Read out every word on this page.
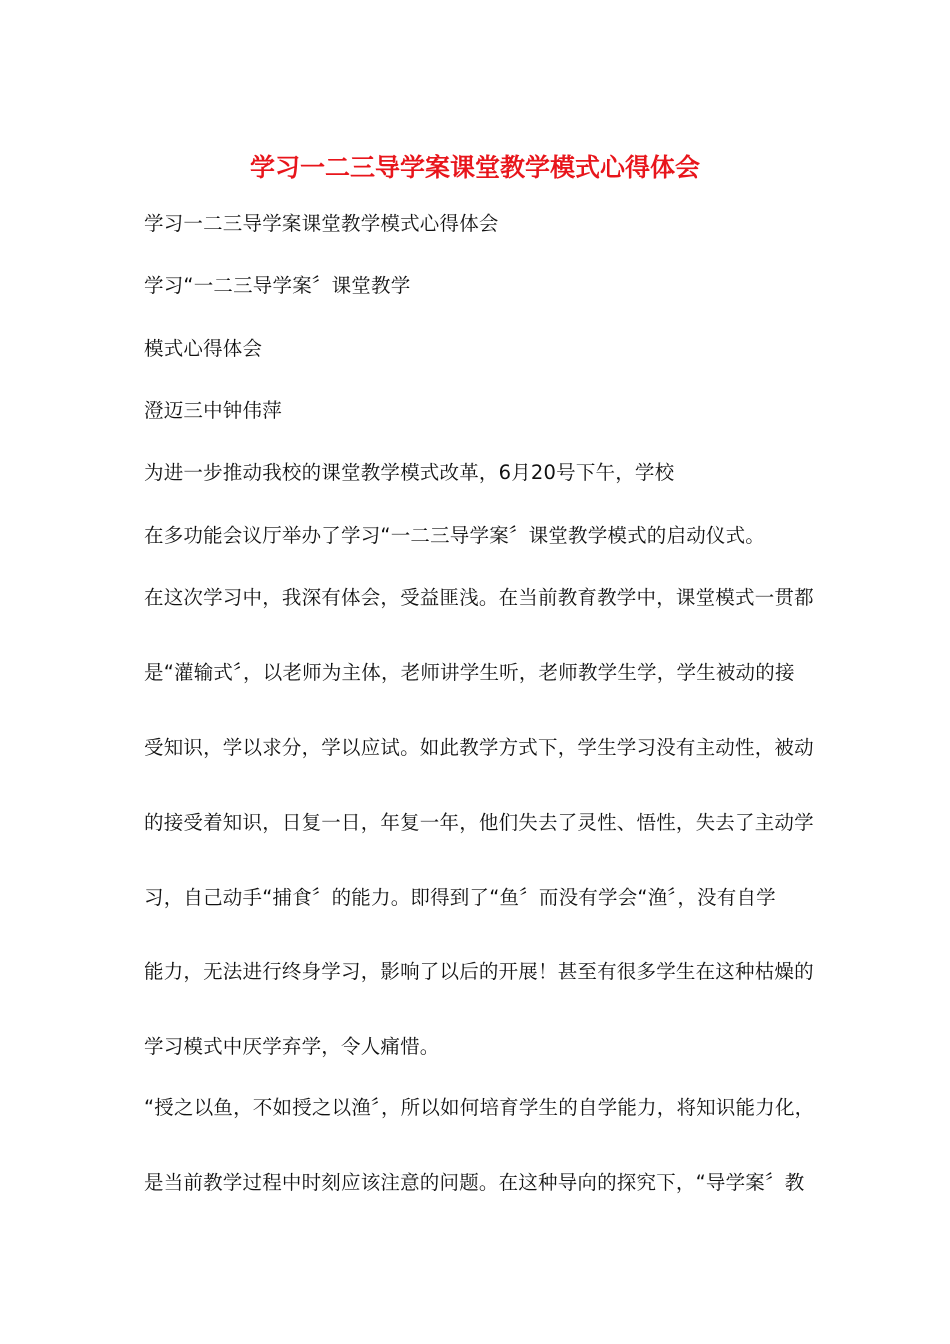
学习一二三导学案课堂教学模式心得体会
学习一二三导学案课堂教学模式心得体会
学习“一二三导学案〞课堂教学
模式心得体会
澄迈三中钟伟萍
为进一步推动我校的课堂教学模式改革，6月20号下午，学校
在多功能会议厅举办了学习“一二三导学案〞课堂教学模式的启动仪式。
在这次学习中，我深有体会，受益匪浅。在当前教育教学中，课堂模式一贯都
是“灌输式〞，以老师为主体，老师讲学生听，老师教学生学，学生被动的接
受知识，学以求分，学以应试。如此教学方式下，学生学习没有主动性，被动
的接受着知识，日复一日，年复一年，他们失去了灵性、悟性，失去了主动学
习，自己动手“捕食〞的能力。即得到了“鱼〞而没有学会“渔〞，没有自学
能力，无法进行终身学习，影响了以后的开展！甚至有很多学生在这种枯燥的
学习模式中厌学弃学，令人痛惜。
“授之以鱼，不如授之以渔〞，所以如何培育学生的自学能力，将知识能力化，
是当前教学过程中时刻应该注意的问题。在这种导向的探究下，“导学案〞教
